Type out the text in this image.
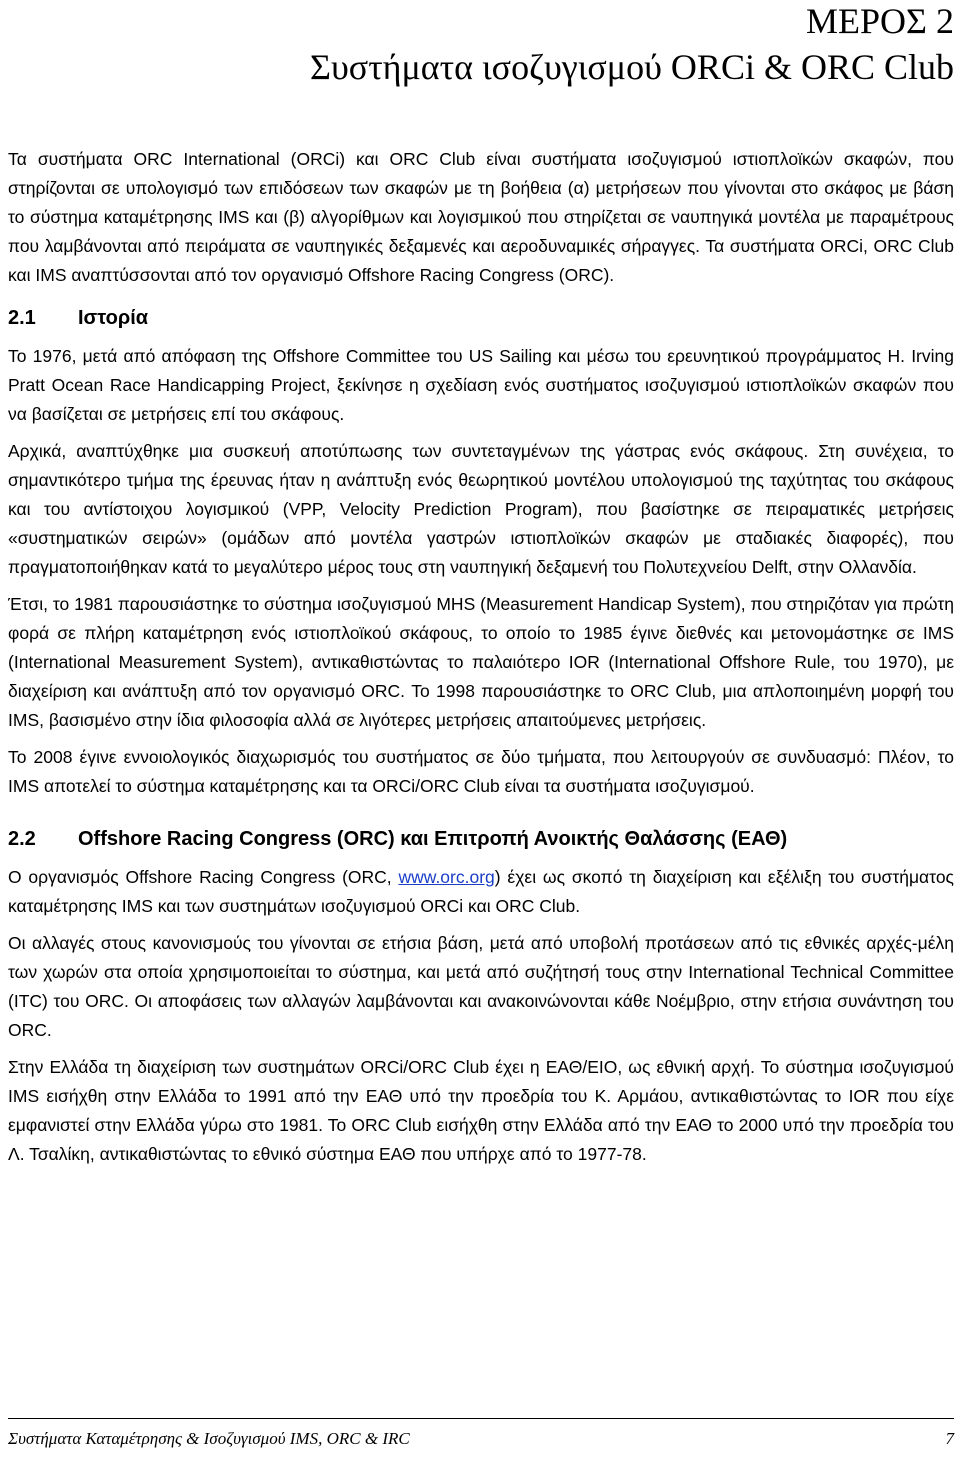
ΜΕΡΟΣ 2
Συστήματα ισοζυγισμού ORCi & ORC Club

Τα συστήματα ORC International (ORCi) και ORC Club είναι συστήματα ισοζυγισμού ιστιοπλοϊκών σκαφών, που στηρίζονται σε υπολογισμό των επιδόσεων των σκαφών με τη βοήθεια (α) μετρήσεων που γίνονται στο σκάφος με βάση το σύστημα καταμέτρησης IMS και (β) αλγορίθμων και λογισμικού που στηρίζεται σε ναυπηγικά μοντέλα με παραμέτρους που λαμβάνονται από πειράματα σε ναυπηγικές δεξαμενές και αεροδυναμικές σήραγγες. Τα συστήματα ORCi, ORC Club και IMS αναπτύσσονται από τον οργανισμό Offshore Racing Congress (ORC).

2.1	Ιστορία

Το 1976, μετά από απόφαση της Offshore Committee του US Sailing και μέσω του ερευνητικού προγράμματος H. Irving Pratt Ocean Race Handicapping Project, ξεκίνησε η σχεδίαση ενός συστήματος ισοζυγισμού ιστιοπλοϊκών σκαφών που να βασίζεται σε μετρήσεις επί του σκάφους.

Αρχικά, αναπτύχθηκε μια συσκευή αποτύπωσης των συντεταγμένων της γάστρας ενός σκάφους. Στη συνέχεια, το σημαντικότερο τμήμα της έρευνας ήταν η ανάπτυξη ενός θεωρητικού μοντέλου υπολογισμού της ταχύτητας του σκάφους και του αντίστοιχου λογισμικού (VPP, Velocity Prediction Program), που βασίστηκε σε πειραματικές μετρήσεις «συστηματικών σειρών» (ομάδων από μοντέλα γαστρών ιστιοπλοϊκών σκαφών με σταδιακές διαφορές), που πραγματοποιήθηκαν κατά το μεγαλύτερο μέρος τους στη ναυπηγική δεξαμενή του Πολυτεχνείου Delft, στην Ολλανδία.

Έτσι, το 1981 παρουσιάστηκε το σύστημα ισοζυγισμού MHS (Measurement Handicap System), που στηριζόταν για πρώτη φορά σε πλήρη καταμέτρηση ενός ιστιοπλοϊκού σκάφους, το οποίο το 1985 έγινε διεθνές και μετονομάστηκε σε IMS (International Measurement System), αντικαθιστώντας το παλαιότερο IOR (International Offshore Rule, του 1970), με διαχείριση και ανάπτυξη από τον οργανισμό ORC. Το 1998 παρουσιάστηκε το ORC Club, μια απλοποιημένη μορφή του IMS, βασισμένο στην ίδια φιλοσοφία αλλά σε λιγότερες μετρήσεις απαιτούμενες μετρήσεις.

Το 2008 έγινε εννοιολογικός διαχωρισμός του συστήματος σε δύο τμήματα, που λειτουργούν σε συνδυασμό: Πλέον, το IMS αποτελεί το σύστημα καταμέτρησης και τα ORCi/ORC Club είναι τα συστήματα ισοζυγισμού.

2.2	Offshore Racing Congress (ORC) και Επιτροπή Ανοικτής Θαλάσσης (ΕΑΘ)

Ο οργανισμός Offshore Racing Congress (ORC, www.orc.org) έχει ως σκοπό τη διαχείριση και εξέλιξη του συστήματος καταμέτρησης IMS και των συστημάτων ισοζυγισμού ORCi και ORC Club.

Οι αλλαγές στους κανονισμούς του γίνονται σε ετήσια βάση, μετά από υποβολή προτάσεων από τις εθνικές αρχές-μέλη των χωρών στα οποία χρησιμοποιείται το σύστημα, και μετά από συζήτησή τους στην International Technical Committee (ITC) του ORC. Οι αποφάσεις των αλλαγών λαμβάνονται και ανακοινώνονται κάθε Νοέμβριο, στην ετήσια συνάντηση του ORC.

Στην Ελλάδα τη διαχείριση των συστημάτων ORCi/ORC Club έχει η ΕΑΘ/ΕΙΟ, ως εθνική αρχή. Το σύστημα ισοζυγισμού IMS εισήχθη στην Ελλάδα το 1991 από την ΕΑΘ υπό την προεδρία του Κ. Αρμάου, αντικαθιστώντας το IOR που είχε εμφανιστεί στην Ελλάδα γύρω στο 1981. Το ORC Club εισήχθη στην Ελλάδα από την ΕΑΘ το 2000 υπό την προεδρία του Λ. Τσαλίκη, αντικαθιστώντας το εθνικό σύστημα ΕΑΘ που υπήρχε από το 1977-78.

Συστήματα Καταμέτρησης & Ισοζυγισμού IMS, ORC & IRC	7
